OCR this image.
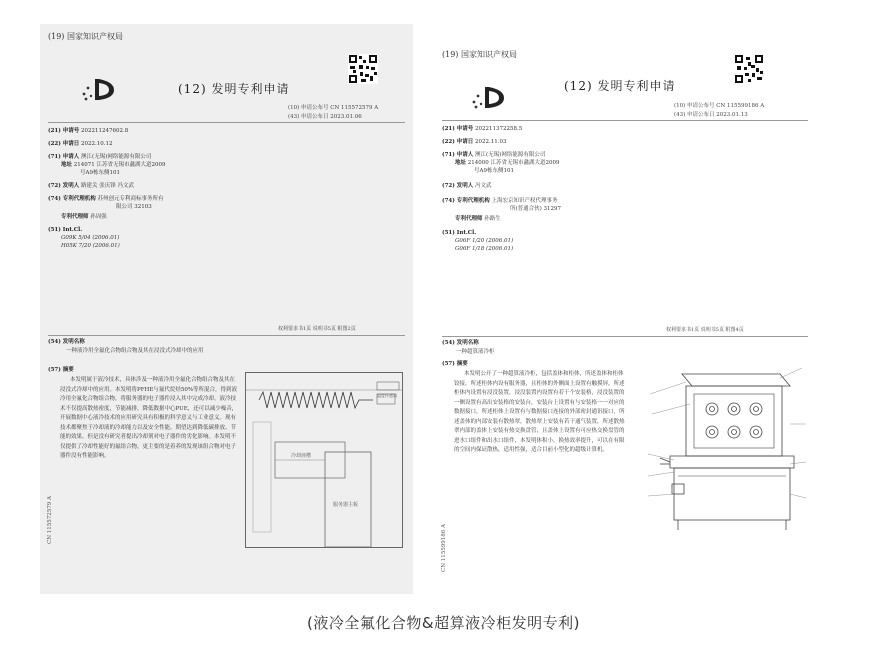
(19) 国家知识产权局
(12) 发明专利申请
(10) 申请公布号 CN 115572579 A
(43) 申请公布日 2023.01.06
(21) 申请号 202211247602.8
(22) 申请日 2022.10.12
(71) 申请人 澳江(无锡)网络能源有限公司
地址 214071 江苏省无锡市蠡湖大道2009
号A9栋东侧101
(72) 发明人 路建关 张庆锋 冯文武
(74) 专利代理机构 苏州创元专利商标事务所有
限公司 32103
专利代理师 孙周强
(51) Int.Cl.
G09K 5/04 (2006.01)
H05K 7/20 (2006.01)
权利要求书1页 说明书5页 附图2页
(54) 发明名称
一种液冷用全氟化合物组合物及其在浸没式冷却中的应用
(57) 摘要
本发明属于液冷技术，具体涉及一种液冷用全氟化合物组合物及其在浸没式冷却中的应用。本发明将PFHE与氟代烷烃50%等所混合，得到液冷用全氟化合物组合物，将服务器的电子器件浸入其中完成冷却。液冷技术不仅提高散热密度，节能减排，降低数据中心PUE，还可以减少噪音，开展数据中心液冷技术的应用研究具有积极的科学意义与工业意义。现有技术都聚焦于冷却液的冷却能力以及安全性能。期望达到降低碳排放、节能的效果。但是没有研究者提出冷却剂对电子器件的劣化影响。本发明不仅提供了冷却性能好的氟组合物，更主要的是着养的发现该组合物对电子器件没有性能影响。
CN 115572579 A
冷却液槽
服务器主板
温度传感器
(19) 国家知识产权局
(12) 发明专利申请
(10) 申请公布号 CN 115599186 A
(43) 申请公布日 2023.01.13
(21) 申请号 202211372258.5
(22) 申请日 2022.11.03
(71) 申请人 澳江(无锡)网络能源有限公司
地址 214000 江苏省无锡市蠡湖大道2009
号A9栋东侧101
(72) 发明人 冯文武
(74) 专利代理机构 上海宏京知识产权代理事务
所(普通合伙) 31297
专利代理师 孙路生
(51) Int.Cl.
G06F 1/20 (2006.01)
G06F 1/18 (2006.01)
权利要求书1页 说明书5页 附图4页
(54) 发明名称
一种超算液冷柜
(57) 摘要
本发明公开了一种超算液冷柜，包括盖体和柜体，所述盖体和柜体铰接，所述柜体内设有服务器，且柜体的外侧面上设置有触摸屏，所述柜体内设置有浸没装置，浸没装置内设置有若干个安装格，浸没装置的一侧设置有高出安装格的安装台，安装台上设置有与安装格一一对应的数据接口，所述柜体上设置有与数据接口连接的外部密封通讯接口，所述盖体的内部安装有散热翠，散热翠上安装有若干通气装置，所述散热翠内部的盖体上安装有热交换盘管，且盖体上设置有可应热交换盘管的进水口组件和出水口组件，本发明体积小，换热效率提升，可以在有限的空间内保证散热，适用性强，适合目前小型化的超级计算机。
CN 115599186 A
(液冷全氟化合物&超算液冷柜发明专利)
